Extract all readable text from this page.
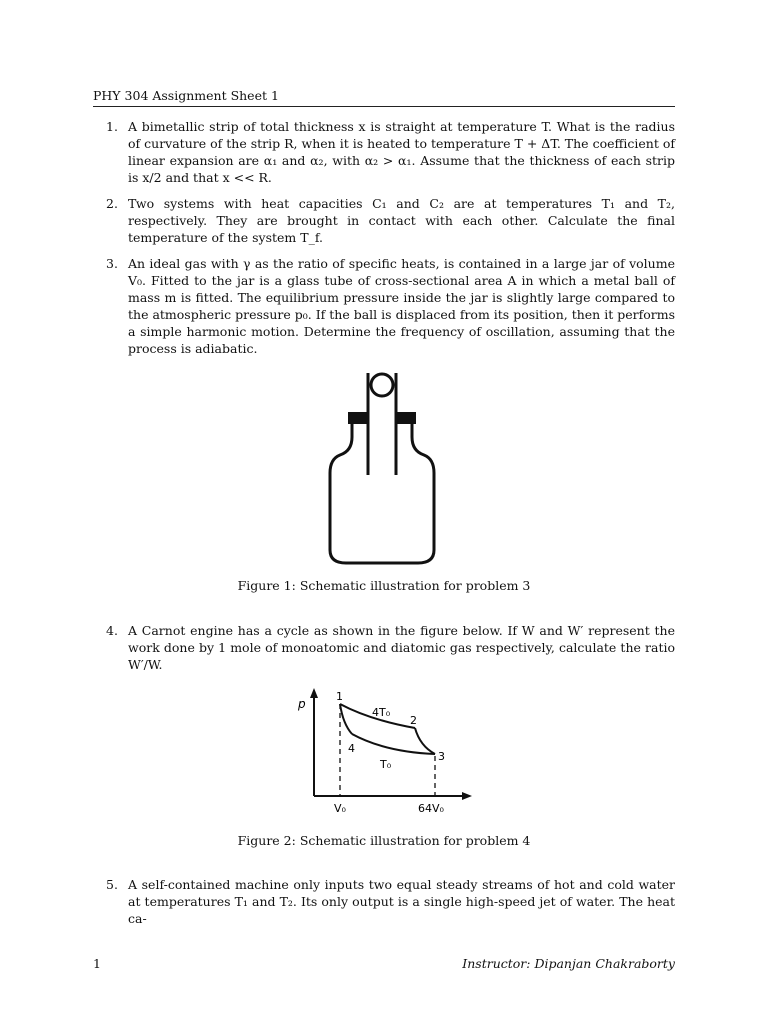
PHY 304 Assignment Sheet 1
1. A bimetallic strip of total thickness x is straight at temperature T. What is the radius of curvature of the strip R, when it is heated to temperature T + ΔT. The coefficient of linear expansion are α₁ and α₂, with α₂ > α₁. Assume that the thickness of each strip is x/2 and that x << R.
2. Two systems with heat capacities C₁ and C₂ are at temperatures T₁ and T₂, respectively. They are brought in contact with each other. Calculate the final temperature of the system T_f.
3. An ideal gas with γ as the ratio of specific heats, is contained in a large jar of volume V₀. Fitted to the jar is a glass tube of cross-sectional area A in which a metal ball of mass m is fitted. The equilibrium pressure inside the jar is slightly large compared to the atmospheric pressure p₀. If the ball is displaced from its position, then it performs a simple harmonic motion. Determine the frequency of oscillation, assuming that the process is adiabatic.
Figure 1: Schematic illustration for problem 3
4. A Carnot engine has a cycle as shown in the figure below. If W and W′ represent the work done by 1 mole of monoatomic and diatomic gas respectively, calculate the ratio W′/W.
p
1
2
3
4
4T₀
T₀
V₀	64V₀
Figure 2: Schematic illustration for problem 4
5. A self-contained machine only inputs two equal steady streams of hot and cold water at temperatures T₁ and T₂. Its only output is a single high-speed jet of water. The heat ca-
1	Instructor: Dipanjan Chakraborty
